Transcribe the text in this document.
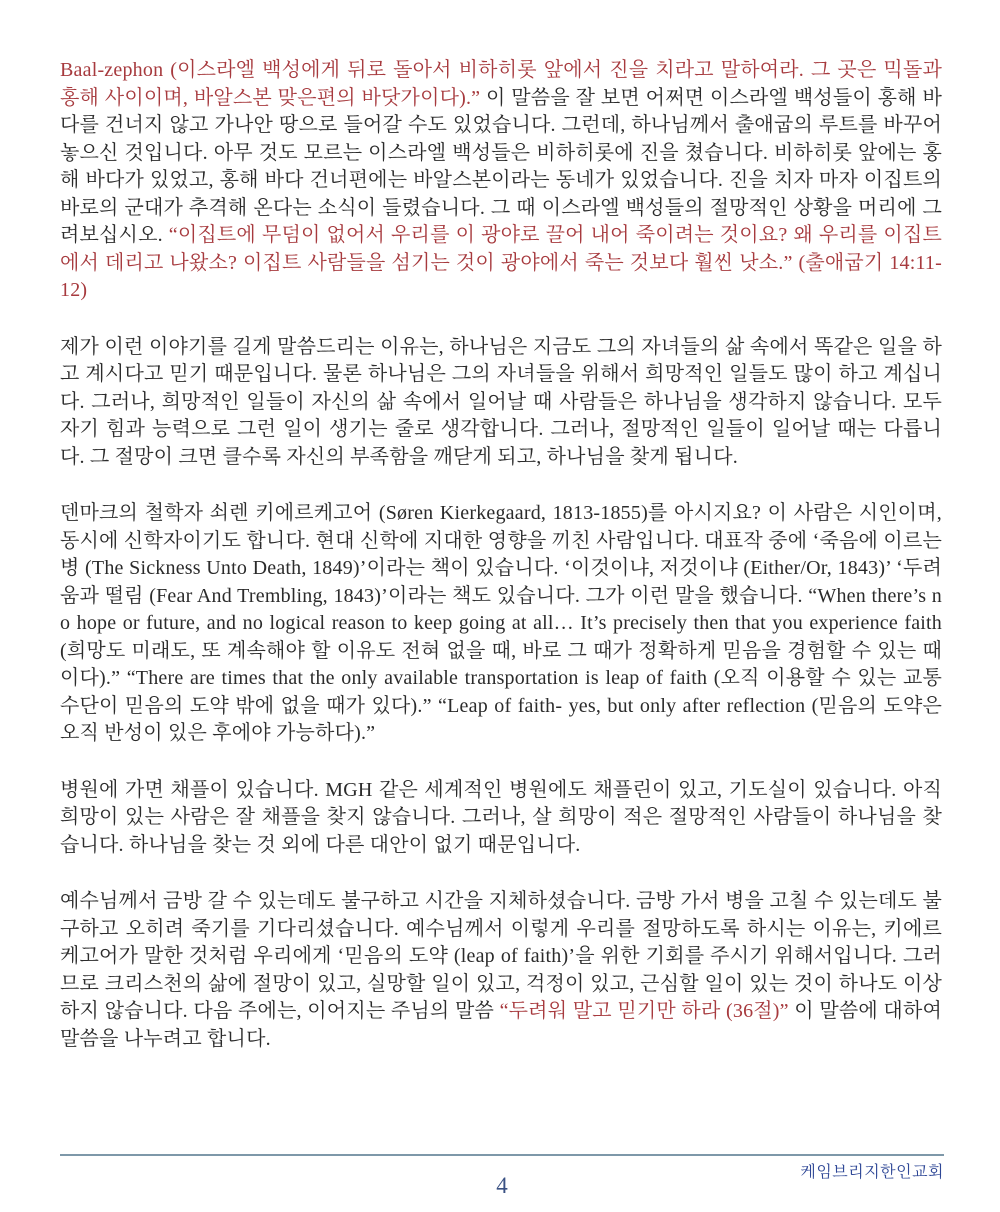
Baal-zephon (이스라엘 백성에게 뒤로 돌아서 비하히롯 앞에서 진을 치라고 말하여라. 그 곳은 믹돌과 홍해 사이이며, 바알스본 맞은편의 바닷가이다).” 이 말씀을 잘 보면 어쩌면 이스라엘 백성들이 홍해 바다를 건너지 않고 가나안 땅으로 들어갈 수도 있었습니다. 그런데, 하나님께서 출애굽의 루트를 바꾸어 놓으신 것입니다. 아무 것도 모르는 이스라엘 백성들은 비하히롯에 진을 쳤습니다. 비하히롯 앞에는 홍해 바다가 있었고, 홍해 바다 건너편에는 바알스본이라는 동네가 있었습니다. 진을 치자 마자 이집트의 바로의 군대가 추격해 온다는 소식이 들렸습니다. 그 때 이스라엘 백성들의 절망적인 상황을 머리에 그려보십시오. “이집트에 무덤이 없어서 우리를 이 광야로 끌어 내어 죽이려는 것이요? 왜 우리를 이집트에서 데리고 나왔소? 이집트 사람들을 섬기는 것이 광야에서 죽는 것보다 훨씬 낫소.” (출애굽기 14:11-12)

제가 이런 이야기를 길게 말씀드리는 이유는, 하나님은 지금도 그의 자녀들의 삶 속에서 똑같은 일을 하고 계시다고 믿기 때문입니다. 물론 하나님은 그의 자녀들을 위해서 희망적인 일들도 많이 하고 계십니다. 그러나, 희망적인 일들이 자신의 삶 속에서 일어날 때 사람들은 하나님을 생각하지 않습니다. 모두 자기 힘과 능력으로 그런 일이 생기는 줄로 생각합니다. 그러나, 절망적인 일들이 일어날 때는 다릅니다. 그 절망이 크면 클수록 자신의 부족함을 깨닫게 되고, 하나님을 찾게 됩니다.

덴마크의 철학자 쇠렌 키에르케고어 (Søren Kierkegaard, 1813-1855)를 아시지요? 이 사람은 시인이며, 동시에 신학자이기도 합니다. 현대 신학에 지대한 영향을 끼친 사람입니다. 대표작 중에 ‘죽음에 이르는 병 (The Sickness Unto Death, 1849)’이라는 책이 있습니다. ‘이것이냐, 저것이냐 (Either/Or, 1843)’ ‘두려움과 떨림 (Fear And Trembling, 1843)’이라는 책도 있습니다. 그가 이런 말을 했습니다. “When there’s no hope or future, and no logical reason to keep going at all… It’s precisely then that you experience faith (희망도 미래도, 또 계속해야 할 이유도 전혀 없을 때, 바로 그 때가 정확하게 믿음을 경험할 수 있는 때이다).” “There are times that the only available transportation is leap of faith (오직 이용할 수 있는 교통 수단이 믿음의 도약 밖에 없을 때가 있다).” “Leap of faith- yes, but only after reflection (믿음의 도약은 오직 반성이 있은 후에야 가능하다).”

병원에 가면 채플이 있습니다. MGH 같은 세계적인 병원에도 채플린이 있고, 기도실이 있습니다. 아직 희망이 있는 사람은 잘 채플을 찾지 않습니다. 그러나, 살 희망이 적은 절망적인 사람들이 하나님을 찾습니다. 하나님을 찾는 것 외에 다른 대안이 없기 때문입니다.

예수님께서 금방 갈 수 있는데도 불구하고 시간을 지체하셨습니다. 금방 가서 병을 고칠 수 있는데도 불구하고 오히려 죽기를 기다리셨습니다. 예수님께서 이렇게 우리를 절망하도록 하시는 이유는, 키에르케고어가 말한 것처럼 우리에게 ‘믿음의 도약 (leap of faith)’을 위한 기회를 주시기 위해서입니다. 그러므로 크리스천의 삶에 절망이 있고, 실망할 일이 있고, 걱정이 있고, 근심할 일이 있는 것이 하나도 이상하지 않습니다. 다음 주에는, 이어지는 주님의 말씀 “두려워 말고 믿기만 하라 (36절)” 이 말씀에 대하여 말씀을 나누려고 합니다.

케임브리지한인교회
4
